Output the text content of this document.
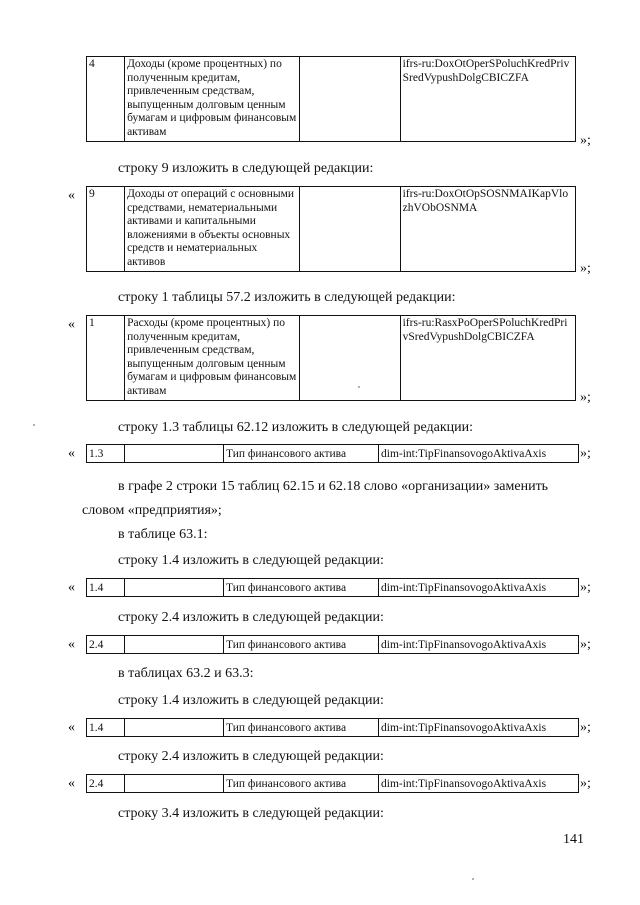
4	Доходы (кроме процентных) по полученным кредитам, привлеченным средствам, выпущенным долговым ценным бумагам и цифровым финансовым активам		ifrs-ru:DoxOtOperSPoluchKredPrivSredVypushDolgCBICZFA
»;
строку 9 изложить в следующей редакции:
« 9	Доходы от операций с основными средствами, нематериальными активами и капитальными вложениями в объекты основных средств и нематериальных активов		ifrs-ru:DoxOtOpSOSNMAIKapVlozhVObOSNMA
»;
строку 1 таблицы 57.2 изложить в следующей редакции:
« 1	Расходы (кроме процентных) по полученным кредитам, привлеченным средствам, выпущенным долговым ценным бумагам и цифровым финансовым активам		ifrs-ru:RasxPoOperSPoluchKredPrivSredVypushDolgCBICZFA
»;
строку 1.3 таблицы 62.12 изложить в следующей редакции:
« 1.3		Тип финансового актива	dim-int:TipFinansovogoAktivaAxis »;
в графе 2 строки 15 таблиц 62.15 и 62.18 слово «организации» заменить
словом «предприятия»;
в таблице 63.1:
строку 1.4 изложить в следующей редакции:
« 1.4		Тип финансового актива	dim-int:TipFinansovogoAktivaAxis »;
строку 2.4 изложить в следующей редакции:
« 2.4		Тип финансового актива	dim-int:TipFinansovogoAktivaAxis »;
в таблицах 63.2 и 63.3:
строку 1.4 изложить в следующей редакции:
« 1.4		Тип финансового актива	dim-int:TipFinansovogoAktivaAxis »;
строку 2.4 изложить в следующей редакции:
« 2.4		Тип финансового актива	dim-int:TipFinansovogoAktivaAxis »;
строку 3.4 изложить в следующей редакции:
141
